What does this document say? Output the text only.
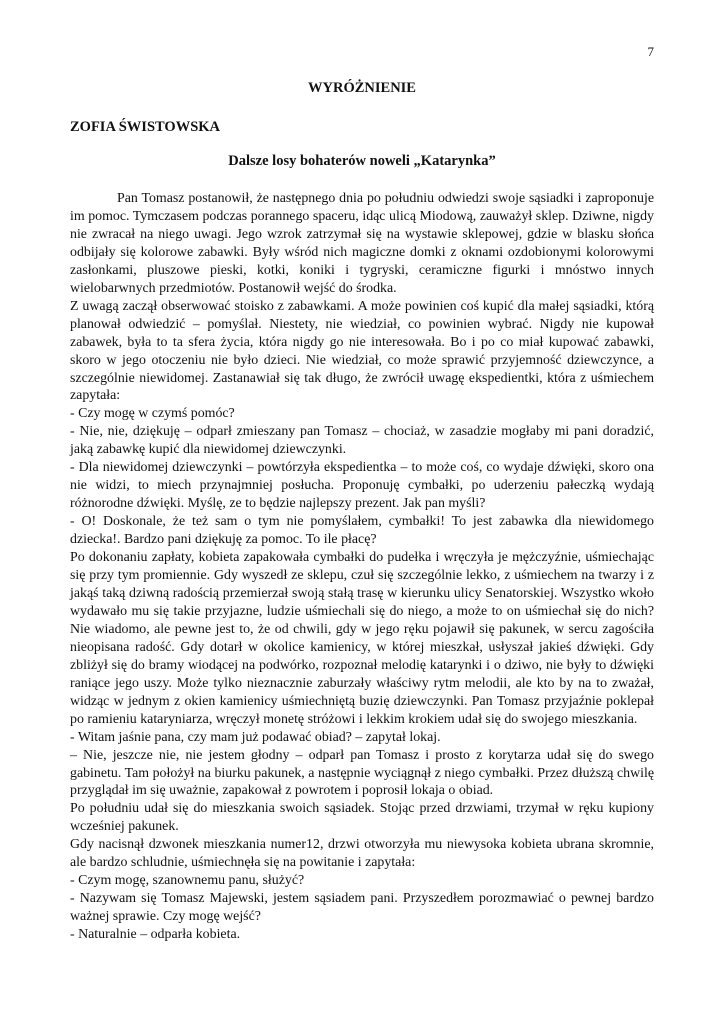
7
WYRÓŻNIENIE
ZOFIA ŚWISTOWSKA
Dalsze losy bohaterów noweli „Katarynka”

Pan Tomasz postanowił, że następnego dnia po południu odwiedzi swoje sąsiadki i zaproponuje im pomoc. Tymczasem podczas porannego spaceru, idąc ulicą Miodową, zauważył sklep. Dziwne, nigdy nie zwracał na niego uwagi. Jego wzrok zatrzymał się na wystawie sklepowej, gdzie w blasku słońca odbijały się kolorowe zabawki. Były wśród nich magiczne domki z oknami ozdobionymi kolorowymi zasłonkami, pluszowe pieski, kotki, koniki i tygryski, ceramiczne figurki i mnóstwo innych wielobarwnych przedmiotów. Postanowił wejść do środka.

Z uwagą zaczął obserwować stoisko z zabawkami. A może powinien coś kupić dla małej sąsiadki, którą planował odwiedzić – pomyślał. Niestety, nie wiedział, co powinien wybrać. Nigdy nie kupował zabawek, była to ta sfera życia, która nigdy go nie interesowała. Bo i po co miał kupować zabawki, skoro w jego otoczeniu nie było dzieci. Nie wiedział, co może sprawić przyjemność dziewczynce, a szczególnie niewidomej. Zastanawiał się tak długo, że zwrócił uwagę ekspedientki, która z uśmiechem zapytała:

- Czy mogę w czymś pomóc?

- Nie, nie, dziękuję – odparł zmieszany pan Tomasz – chociaż, w zasadzie mogłaby mi pani doradzić, jaką zabawkę kupić dla niewidomej dziewczynki.

- Dla niewidomej dziewczynki – powtórzyła ekspedientka – to może coś, co wydaje dźwięki, skoro ona nie widzi, to miech przynajmniej posłucha. Proponuję cymbałki, po uderzeniu pałeczką wydają różnorodne dźwięki. Myślę, ze to będzie najlepszy prezent. Jak pan myśli?

- O! Doskonale, że też sam o tym nie pomyślałem, cymbałki! To jest zabawka dla niewidomego dziecka!. Bardzo pani dziękuję za pomoc. To ile płacę?

Po dokonaniu zapłaty, kobieta zapakowała cymbałki do pudełka i wręczyła je mężczyźnie, uśmiechając się przy tym promiennie. Gdy wyszedł ze sklepu, czuł się szczególnie lekko, z uśmiechem na twarzy i z jakąś taką dziwną radością przemierzał swoją stałą trasę w kierunku ulicy Senatorskiej. Wszystko wkoło wydawało mu się takie przyjazne, ludzie uśmiechali się do niego, a może to on uśmiechał się do nich? Nie wiadomo, ale pewne jest to, że od chwili, gdy w jego ręku pojawił się pakunek, w sercu zagościła nieopisana radość. Gdy dotarł w okolice kamienicy, w której mieszkał, usłyszał jakieś dźwięki. Gdy zbliżył się do bramy wiodącej na podwórko, rozpoznał melodię katarynki i o dziwo, nie były to dźwięki raniące jego uszy. Może tylko nieznacznie zaburzały właściwy rytm melodii, ale kto by na to zważał, widząc w jednym z okien kamienicy uśmiechniętą buzię dziewczynki. Pan Tomasz przyjaźnie poklepał po ramieniu kataryniarza, wręczył monetę stróżowi i lekkim krokiem udał się do swojego mieszkania.

- Witam jaśnie pana, czy mam już podawać obiad? – zapytał lokaj.

– Nie, jeszcze nie, nie jestem głodny – odparł pan Tomasz i prosto z korytarza udał się do swego gabinetu. Tam położył na biurku pakunek, a następnie wyciągnął z niego cymbałki. Przez dłuższą chwilę przyglądał im się uważnie, zapakował z powrotem i poprosił lokaja o obiad.

Po południu udał się do mieszkania swoich sąsiadek. Stojąc przed drzwiami, trzymał w ręku kupiony wcześniej pakunek.

Gdy nacisnął dzwonek mieszkania numer12, drzwi otworzyła mu niewysoka kobieta ubrana skromnie, ale bardzo schludnie, uśmiechnęła się na powitanie i zapytała:

- Czym mogę, szanownemu panu, służyć?

- Nazywam się Tomasz Majewski, jestem sąsiadem pani. Przyszedłem porozmawiać o pewnej bardzo ważnej sprawie. Czy mogę wejść?

- Naturalnie – odparła kobieta.
